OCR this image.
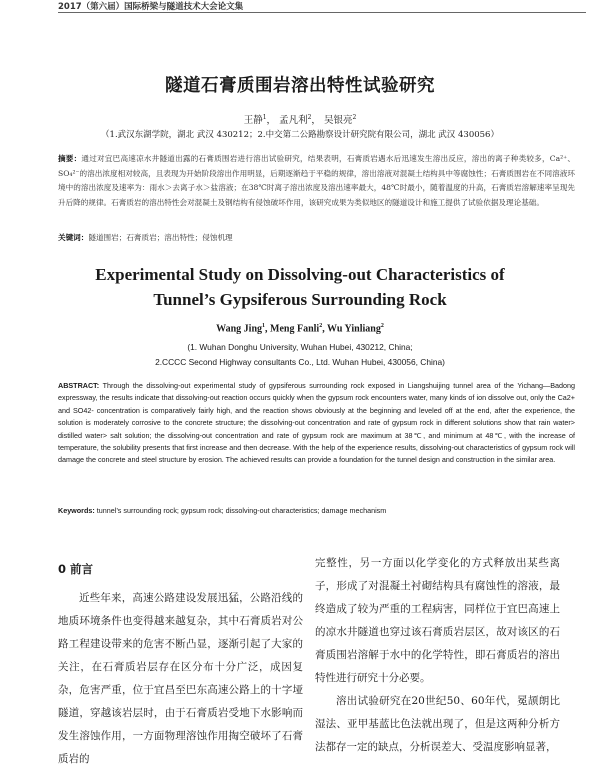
2017（第六届）国际桥梁与隧道技术大会论文集
隧道石膏质围岩溶出特性试验研究
王静$^1$， 孟凡利$^2$， 吴银亮$^2$
（1.武汉东湖学院，湖北 武汉 430212；2.中交第二公路勘察设计研究院有限公司，湖北 武汉 430056）
摘要：通过对宜巴高速凉水井隧道出露的石膏质围岩进行溶出试验研究，结果表明，石膏质岩遇水后迅速发生溶出反应，溶出的离子种类较多，Ca²⁺、SO₄²⁻的溶出浓度相对较高，且表现为开始阶段溶出作用明显，后期逐渐趋于平稳的规律，溶出溶液对混凝土结构具中等腐蚀性；石膏质围岩在不同溶液环境中的溶出浓度及速率为：雨水＞去离子水＞盐溶液；在38℃时离子溶出浓度及溶出速率最大，48℃时最小，随着温度的升高，石膏质岩溶解速率呈现先升后降的规律。石膏质岩的溶出特性会对混凝土及钢结构有侵蚀破坏作用，该研究成果为类似地区的隧道设计和施工提供了试验依据及理论基础。
关键词：隧道围岩；石膏质岩；溶出特性；侵蚀机理
Experimental Study on Dissolving-out Characteristics of
Tunnel’s Gypsiferous Surrounding Rock
Wang Jing$^1$, Meng Fanli$^2$, Wu Yinliang$^2$
(1. Wuhan Donghu University, Wuhan Hubei, 430212, China;
2.CCCC Second Highway consultants Co., Ltd. Wuhan Hubei, 430056, China)
ABSTRACT: Through the dissolving-out experimental study of gypsiferous surrounding rock exposed in Liangshuijing tunnel area of the Yichang—Badong expressway, the results indicate that dissolving-out reaction occurs quickly when the gypsum rock encounters water, many kinds of ion dissolve out, only the Ca2+ and SO42- concentration is comparatively fairly high, and the reaction shows obviously at the beginning and leveled off at the end, after the experience, the solution is moderately corrosive to the concrete structure; the dissolving-out concentration and rate of gypsum rock in different solutions show that rain water> distilled water> salt solution; the dissolving-out concentration and rate of gypsum rock are maximum at 38℃, and minimum at 48℃, with the increase of temperature, the solubility presents that first increase and then decrease. With the help of the experience results, dissolving-out characteristics of gypsum rock will damage the concrete and steel structure by erosion. The achieved results can provide a foundation for the tunnel design and construction in the similar area.
Keywords: tunnel’s surrounding rock; gypsum rock; dissolving-out characteristics; damage mechanism
0 前言

近些年来，高速公路建设发展迅猛，公路沿线的地质环境条件也变得越来越复杂，其中石膏质岩对公路工程建设带来的危害不断凸显，逐渐引起了大家的关注，在石膏质岩层存在区分布十分广泛，成因复杂，危害严重，位于宜昌至巴东高速公路上的十字垭隧道，穿越该岩层时，由于石膏质岩受地下水影响而发生溶蚀作用，一方面物理溶蚀作用掏空破坏了石膏质岩的

完整性，另一方面以化学变化的方式释放出某些离子，形成了对混凝土衬砌结构具有腐蚀性的溶液，最终造成了较为严重的工程病害，同样位于宜巴高速上的凉水井隧道也穿过该石膏质岩层区，故对该区的石膏质围岩溶解于水中的化学特性，即石膏质岩的溶出特性进行研究十分必要。

溶出试验研究在20世纪50、60年代，冕颉朗比湿法、亚甲基蓝比色法就出现了，但是这两种分析方法都存一定的缺点，分析误差大、受温度影响显著，
